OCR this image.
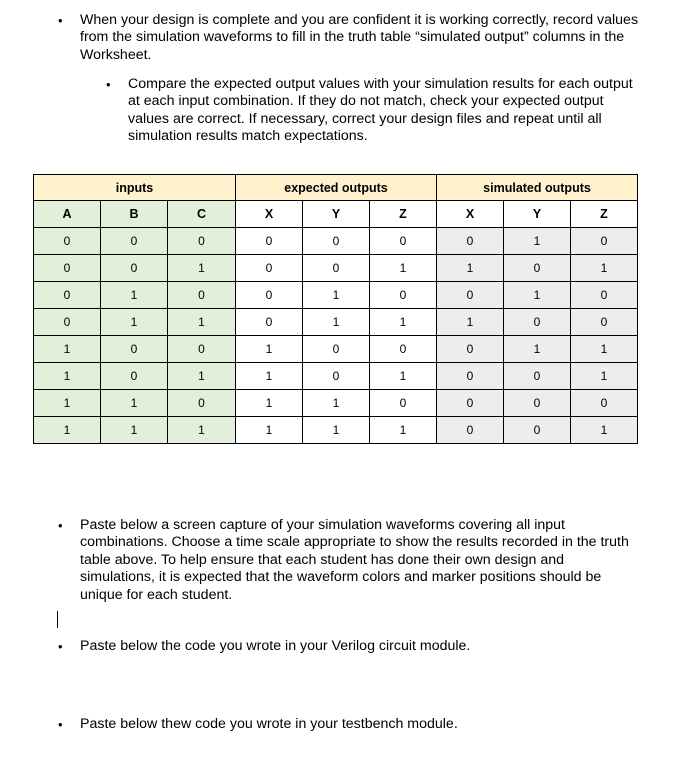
• When your design is complete and you are confident it is working correctly, record values from the simulation waveforms to fill in the truth table “simulated output” columns in the Worksheet.
• Compare the expected output values with your simulation results for each output at each input combination. If they do not match, check your expected output values are correct. If necessary, correct your design files and repeat until all simulation results match expectations.
inputs			expected outputs			simulated outputs		
A	B	C	X	Y	Z	X	Y	Z
0	0	0	0	0	0	0	1	0
0	0	1	0	0	1	1	0	1
0	1	0	0	1	0	0	1	0
0	1	1	0	1	1	1	0	0
1	0	0	1	0	0	0	1	1
1	0	1	1	0	1	0	0	1
1	1	0	1	1	0	0	0	0
1	1	1	1	1	1	0	0	1
• Paste below a screen capture of your simulation waveforms covering all input combinations. Choose a time scale appropriate to show the results recorded in the truth table above. To help ensure that each student has done their own design and simulations, it is expected that the waveform colors and marker positions should be unique for each student.
• Paste below the code you wrote in your Verilog circuit module.
• Paste below thew code you wrote in your testbench module.
